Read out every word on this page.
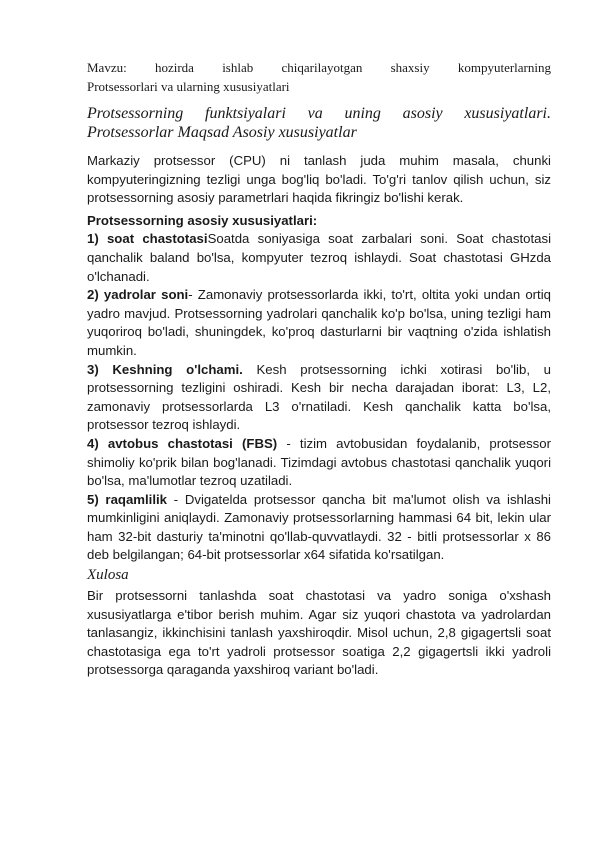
Mavzu: hozirda ishlab chiqarilayotgan shaxsiy kompyuterlarning
Protsessorlari va ularning xususiyatlari

Protsessorning funktsiyalari va uning asosiy xususiyatlari.
Protsessorlar Maqsad Asosiy xususiyatlar

Markaziy protsessor (CPU) ni tanlash juda muhim masala, chunki kompyuteringizning tezligi unga bog'liq bo'ladi. To'g'ri tanlov qilish uchun, siz protsessorning asosiy parametrlari haqida fikringiz bo'lishi kerak.

Protsessorning asosiy xususiyatlari:

1) soat chastotasiSoatda soniyasiga soat zarbalari soni. Soat chastotasi qanchalik baland bo'lsa, kompyuter tezroq ishlaydi. Soat chastotasi GHzda o'lchanadi.

2) yadrolar soni- Zamonaviy protsessorlarda ikki, to'rt, oltita yoki undan ortiq yadro mavjud. Protsessorning yadrolari qanchalik ko'p bo'lsa, uning tezligi ham yuqoriroq bo'ladi, shuningdek, ko'proq dasturlarni bir vaqtning o'zida ishlatish mumkin.

3) Keshning o'lchami. Kesh protsessorning ichki xotirasi bo'lib, u protsessorning tezligini oshiradi. Kesh bir necha darajadan iborat: L3, L2, zamonaviy protsessorlarda L3 o'rnatiladi. Kesh qanchalik katta bo'lsa, protsessor tezroq ishlaydi.

4) avtobus chastotasi (FBS) - tizim avtobusidan foydalanib, protsessor shimoliy ko'prik bilan bog'lanadi. Tizimdagi avtobus chastotasi qanchalik yuqori bo'lsa, ma'lumotlar tezroq uzatiladi.

5) raqamlilik - Dvigatelda protsessor qancha bit ma'lumot olish va ishlashi mumkinligini aniqlaydi. Zamonaviy protsessorlarning hammasi 64 bit, lekin ular ham 32-bit dasturiy ta'minotni qo'llab-quvvatlaydi. 32 - bitli protsessorlar x 86 deb belgilangan; 64-bit protsessorlar x64 sifatida ko'rsatilgan.

Xulosa

Bir protsessorni tanlashda soat chastotasi va yadro soniga o'xshash xususiyatlarga e'tibor berish muhim. Agar siz yuqori chastota va yadrolardan tanlasangiz, ikkinchisini tanlash yaxshiroqdir. Misol uchun, 2,8 gigagertsli soat chastotasiga ega to'rt yadroli protsessor soatiga 2,2 gigagertsli ikki yadroli protsessorga qaraganda yaxshiroq variant bo'ladi.
